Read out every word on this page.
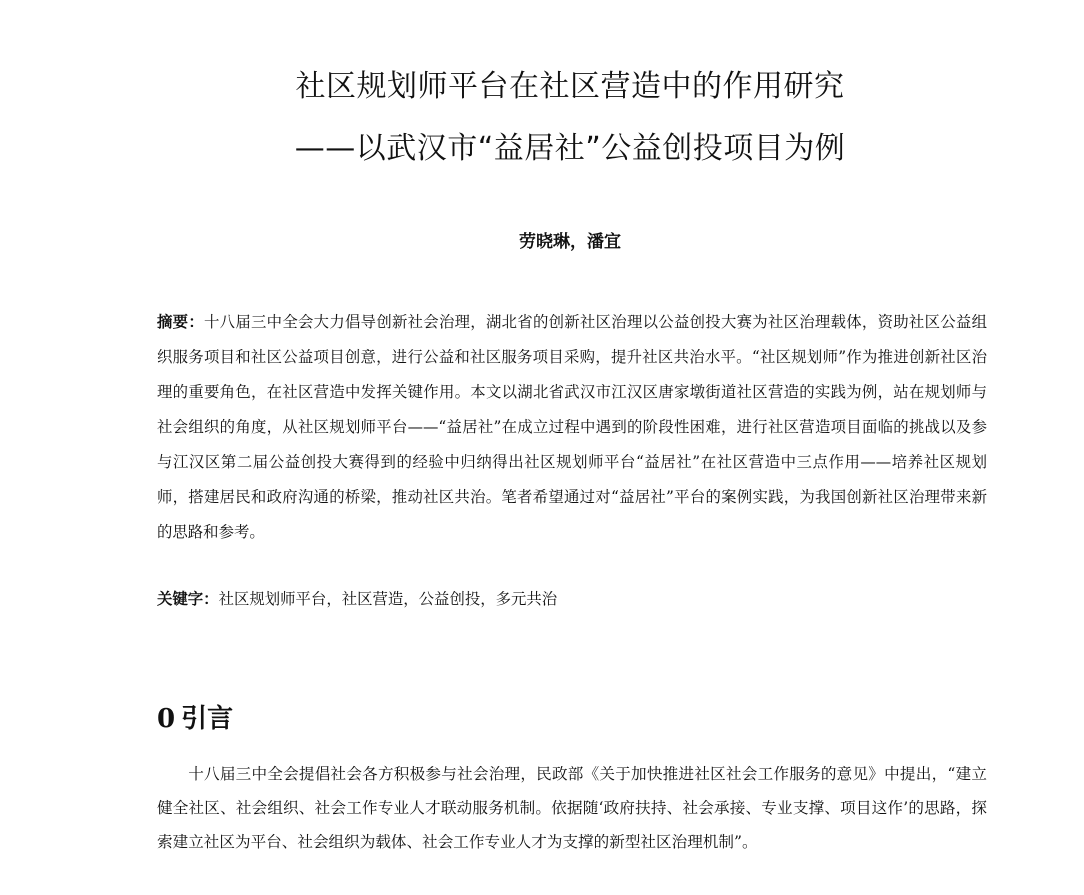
社区规划师平台在社区营造中的作用研究
——以武汉市“益居社”公益创投项目为例
劳晓琳，潘宜

摘要：十八届三中全会大力倡导创新社会治理，湖北省的创新社区治理以公益创投大赛为社区治理载体，资助社区公益组织服务项目和社区公益项目创意，进行公益和社区服务项目采购，提升社区共治水平。“社区规划师”作为推进创新社区治理的重要角色，在社区营造中发挥关键作用。本文以湖北省武汉市江汉区唐家墩街道社区营造的实践为例，站在规划师与社会组织的角度，从社区规划师平台——“益居社”在成立过程中遇到的阶段性困难，进行社区营造项目面临的挑战以及参与江汉区第二届公益创投大赛得到的经验中归纳得出社区规划师平台“益居社”在社区营造中三点作用——培养社区规划师，搭建居民和政府沟通的桥梁，推动社区共治。笔者希望通过对“益居社”平台的案例实践，为我国创新社区治理带来新的思路和参考。

关键字：社区规划师平台，社区营造，公益创投，多元共治

0 引言

十八届三中全会提倡社会各方积极参与社会治理，民政部《关于加快推进社区社会工作服务的意见》中提出，“建立健全社区、社会组织、社会工作专业人才联动服务机制。依据随‘政府扶持、社会承接、专业支撑、项目这作’的思路，探索建立社区为平台、社会组织为载体、社会工作专业人才为支撑的新型社区治理机制”。
